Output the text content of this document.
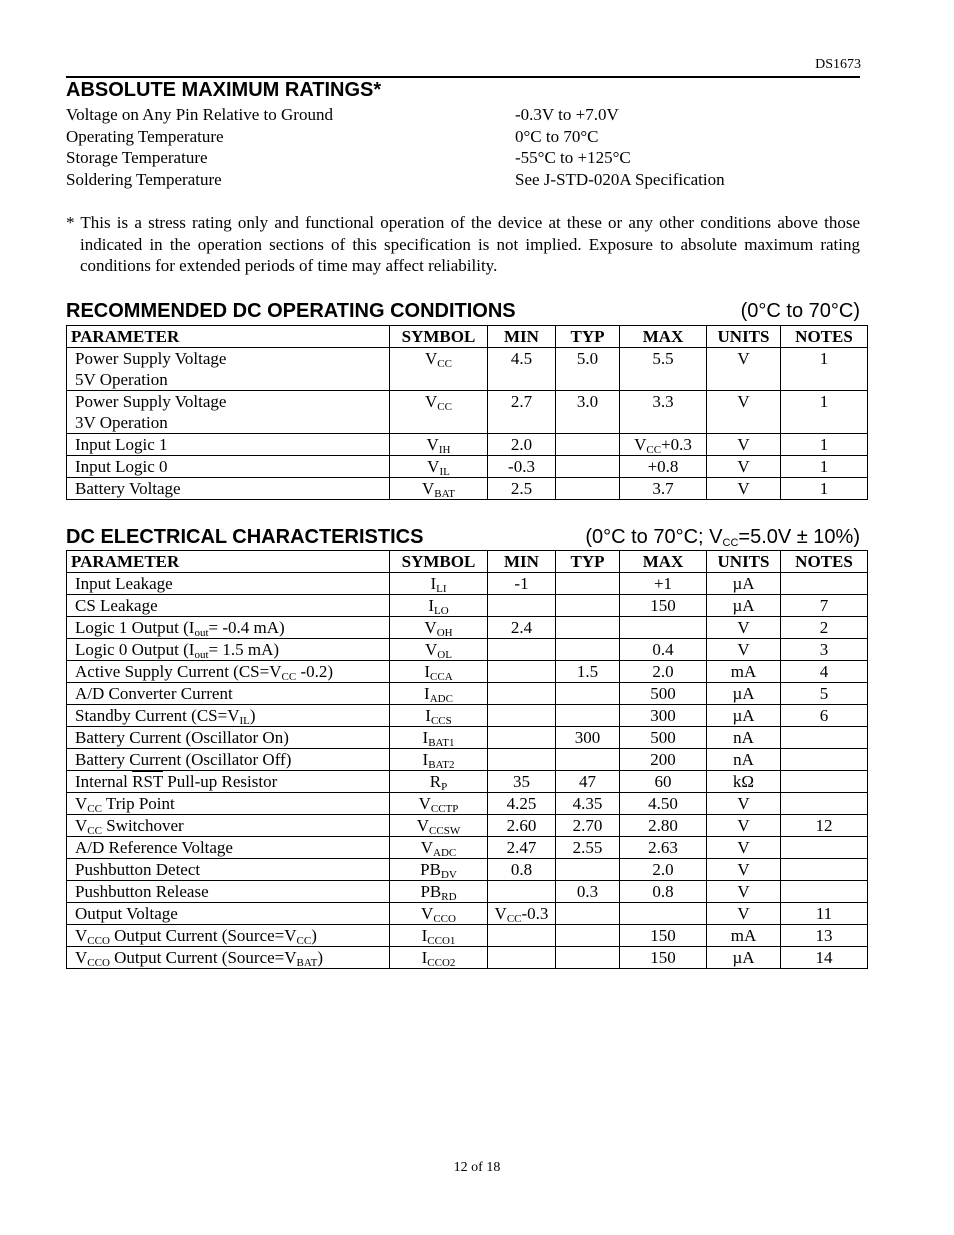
DS1673
ABSOLUTE MAXIMUM RATINGS*
Voltage on Any Pin Relative to Ground	-0.3V to +7.0V
Operating Temperature	0°C to 70°C
Storage Temperature	-55°C to +125°C
Soldering Temperature	See J-STD-020A Specification

* This is a stress rating only and functional operation of the device at these or any other conditions above those indicated in the operation sections of this specification is not implied. Exposure to absolute maximum rating conditions for extended periods of time may affect reliability.

RECOMMENDED DC OPERATING CONDITIONS	(0°C to 70°C)
PARAMETER	SYMBOL	MIN	TYP	MAX	UNITS	NOTES
Power Supply Voltage
5V Operation	$V_{CC}$	4.5	5.0	5.5	V	1
Power Supply Voltage
3V Operation	$V_{CC}$	2.7	3.0	3.3	V	1
Input Logic 1	$V_{IH}$	2.0		$V_{CC}+0.3$	V	1
Input Logic 0	$V_{IL}$	-0.3		+0.8	V	1
Battery Voltage	$V_{BAT}$	2.5		3.7	V	1
DC ELECTRICAL CHARACTERISTICS	(0°C to 70°C; $V_{CC}=5.0V \pm 10\%$)
PARAMETER	SYMBOL	MIN	TYP	MAX	UNITS	NOTES
Input Leakage	$I_{LI}$	-1		+1	µA	
CS Leakage	$I_{LO}$			150	µA	7
Logic 1 Output ($I_{out}= -0.4$ mA)	$V_{OH}$	2.4			V	2
Logic 0 Output ($I_{out}= 1.5$ mA)	$V_{OL}$			0.4	V	3
Active Supply Current ($CS=V_{CC}$ -0.2)	$I_{CCA}$		1.5	2.0	mA	4
A/D Converter Current	$I_{ADC}$			500	µA	5
Standby Current $(CS=V_{IL})$	$I_{CCS}$			300	µA	6
Battery Current (Oscillator On)	$I_{BAT1}$		300	500	nA	
Battery Current (Oscillator Off)	$I_{BAT2}$			200	nA	
Internal $\overline{RST}$ Pull-up Resistor	$R_P$	35	47	60	kΩ	
$V_{CC}$ Trip Point	$V_{CCTP}$	4.25	4.35	4.50	V	
$V_{CC}$ Switchover	$V_{CCSW}$	2.60	2.70	2.80	V	12
A/D Reference Voltage	$V_{ADC}$	2.47	2.55	2.63	V	
Pushbutton Detect	$PB_{DV}$	0.8		2.0	V	
Pushbutton Release	$PB_{RD}$		0.3	0.8	V	
Output Voltage	$V_{CCO}$	$V_{CC}-0.3$			V	11
$V_{CCO}$ Output Current $(Source=V_{CC})$	$I_{CCO1}$			150	mA	13
$V_{CCO}$ Output Current $(Source=V_{BAT})$	$I_{CCO2}$			150	µA	14
12 of 18
